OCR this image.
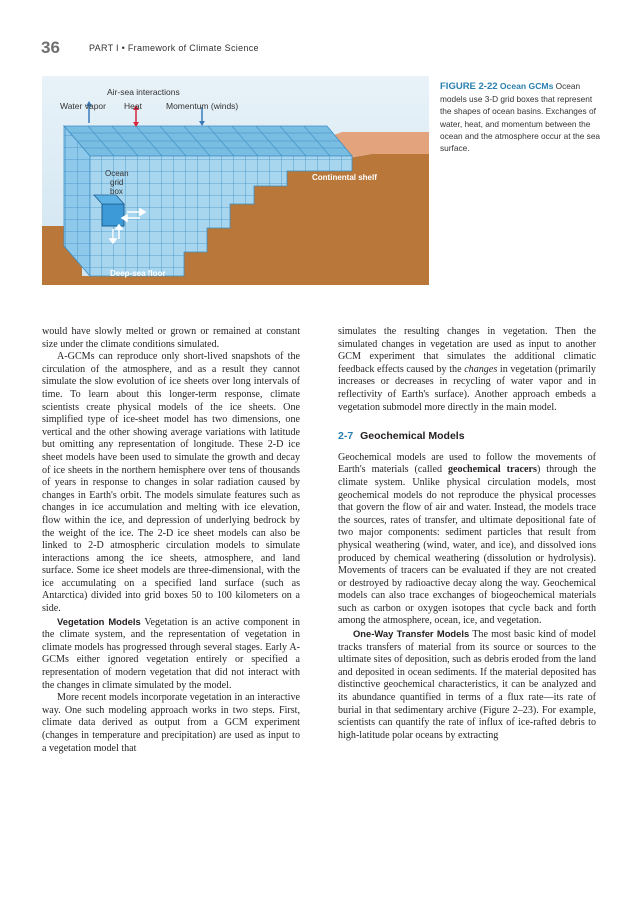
36	PART I • Framework of Climate Science
Air-sea interactions
Water vapor Heat	Momentum (winds)
Ocean
grid
box
Continental shelf
Deep-sea floor
FIGURE 2-22 Ocean GCMs Ocean models use 3-D grid boxes that represent the shapes of ocean basins. Exchanges of water, heat, and momentum between the ocean and the atmosphere occur at the sea surface.

would have slowly melted or grown or remained at constant size under the climate conditions simulated.

A-GCMs can reproduce only short-lived snapshots of the circulation of the atmosphere, and as a result they cannot simulate the slow evolution of ice sheets over long intervals of time. To learn about this longer-term response, climate scientists create physical models of the ice sheets. One simplified type of ice-sheet model has two dimensions, one vertical and the other showing average variations with latitude but omitting any representation of longitude. These 2-D ice sheet models have been used to simulate the growth and decay of ice sheets in the northern hemisphere over tens of thousands of years in response to changes in solar radiation caused by changes in Earth's orbit. The models simulate features such as changes in ice accumulation and melting with ice elevation, flow within the ice, and depression of underlying bedrock by the weight of the ice. The 2-D ice sheet models can also be linked to 2-D atmospheric circulation models to simulate interactions among the ice sheets, atmosphere, and land surface. Some ice sheet models are three-dimensional, with the ice accumulating on a specified land surface (such as Antarctica) divided into grid boxes 50 to 100 kilometers on a side.

Vegetation Models Vegetation is an active component in the climate system, and the representation of vegetation in climate models has progressed through several stages. Early A-GCMs either ignored vegetation entirely or specified a representation of modern vegetation that did not interact with the changes in climate simulated by the model.

More recent models incorporate vegetation in an interactive way. One such modeling approach works in two steps. First, climate data derived as output from a GCM experiment (changes in temperature and precipitation) are used as input to a vegetation model that

simulates the resulting changes in vegetation. Then the simulated changes in vegetation are used as input to another GCM experiment that simulates the additional climatic feedback effects caused by the changes in vegetation (primarily increases or decreases in recycling of water vapor and in reflectivity of Earth's surface). Another approach embeds a vegetation submodel more directly in the main model.

2-7 Geochemical Models

Geochemical models are used to follow the movements of Earth's materials (called geochemical tracers) through the climate system. Unlike physical circulation models, most geochemical models do not reproduce the physical processes that govern the flow of air and water. Instead, the models trace the sources, rates of transfer, and ultimate depositional fate of two major components: sediment particles that result from physical weathering (wind, water, and ice), and dissolved ions produced by chemical weathering (dissolution or hydrolysis). Movements of tracers can be evaluated if they are not created or destroyed by radioactive decay along the way. Geochemical models can also trace exchanges of biogeochemical materials such as carbon or oxygen isotopes that cycle back and forth among the atmosphere, ocean, ice, and vegetation.

One-Way Transfer Models The most basic kind of model tracks transfers of material from its source or sources to the ultimate sites of deposition, such as debris eroded from the land and deposited in ocean sediments. If the material deposited has distinctive geochemical characteristics, it can be analyzed and its abundance quantified in terms of a flux rate—its rate of burial in that sedimentary archive (Figure 2–23). For example, scientists can quantify the rate of influx of ice-rafted debris to high-latitude polar oceans by extracting
